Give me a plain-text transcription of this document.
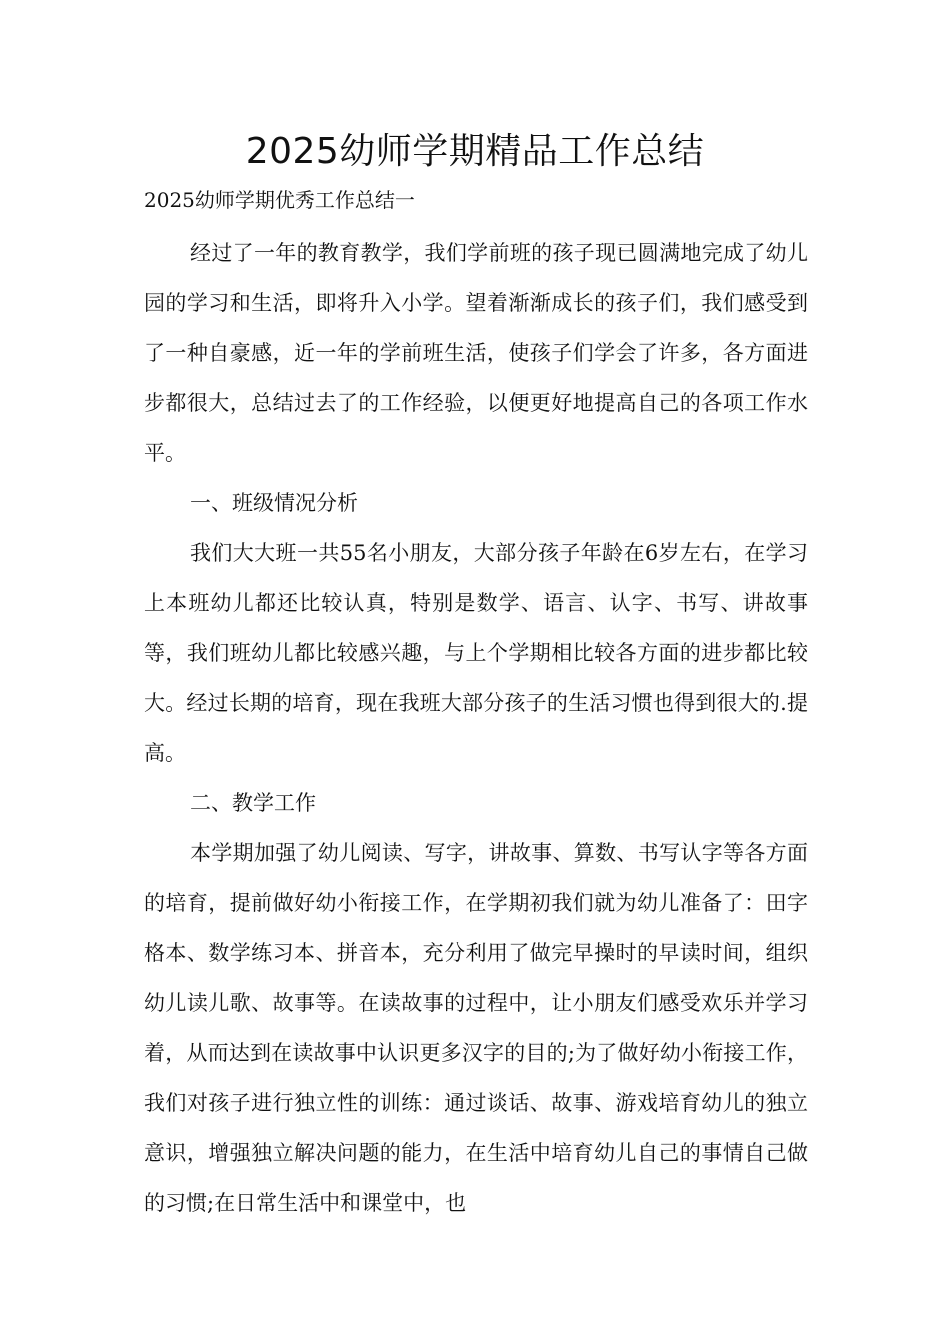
2025幼师学期精品工作总结
2025幼师学期优秀工作总结一

经过了一年的教育教学，我们学前班的孩子现已圆满地完成了幼儿园的学习和生活，即将升入小学。望着渐渐成长的孩子们，我们感受到了一种自豪感，近一年的学前班生活，使孩子们学会了许多，各方面进步都很大，总结过去了的工作经验，以便更好地提高自己的各项工作水平。

一、班级情况分析

我们大大班一共55名小朋友，大部分孩子年龄在6岁左右，在学习上本班幼儿都还比较认真，特别是数学、语言、认字、书写、讲故事等，我们班幼儿都比较感兴趣，与上个学期相比较各方面的进步都比较大。经过长期的培育，现在我班大部分孩子的生活习惯也得到很大的.提高。

二、教学工作

本学期加强了幼儿阅读、写字，讲故事、算数、书写认字等各方面的培育，提前做好幼小衔接工作，在学期初我们就为幼儿准备了：田字格本、数学练习本、拼音本，充分利用了做完早操时的早读时间，组织幼儿读儿歌、故事等。在读故事的过程中，让小朋友们感受欢乐并学习着，从而达到在读故事中认识更多汉字的目的;为了做好幼小衔接工作，我们对孩子进行独立性的训练：通过谈话、故事、游戏培育幼儿的独立意识，增强独立解决问题的能力，在生活中培育幼儿自己的事情自己做的习惯;在日常生活中和课堂中，也
